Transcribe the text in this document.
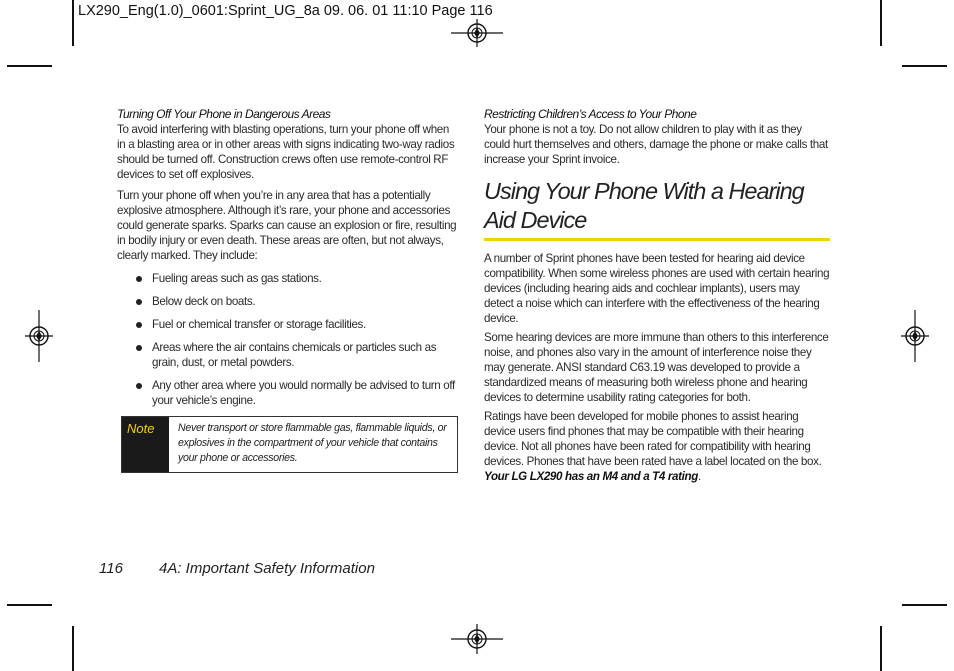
LX290_Eng(1.0)_0601:Sprint_UG_8a 09. 06. 01 11:10 Page 116

Turning Off Your Phone in Dangerous Areas

To avoid interfering with blasting operations, turn your phone off when in a blasting area or in other areas with signs indicating two-way radios should be turned off. Construction crews often use remote-control RF devices to set off explosives.

Turn your phone off when you’re in any area that has a potentially explosive atmosphere. Although it’s rare, your phone and accessories could generate sparks. Sparks can cause an explosion or fire, resulting in bodily injury or even death. These areas are often, but not always, clearly marked. They include:

Fueling areas such as gas stations.
Below deck on boats.
Fuel or chemical transfer or storage facilities.
Areas where the air contains chemicals or particles such as grain, dust, or metal powders.
Any other area where you would normally be advised to turn off your vehicle’s engine.
Note	Never transport or store flammable gas, flammable liquids, or explosives in the compartment of your vehicle that contains your phone or accessories.

Restricting Children’s Access to Your Phone

Your phone is not a toy. Do not allow children to play with it as they could hurt themselves and others, damage the phone or make calls that increase your Sprint invoice.

Using Your Phone With a Hearing Aid Device

A number of Sprint phones have been tested for hearing aid device compatibility. When some wireless phones are used with certain hearing devices (including hearing aids and cochlear implants), users may detect a noise which can interfere with the effectiveness of the hearing device.

Some hearing devices are more immune than others to this interference noise, and phones also vary in the amount of interference noise they may generate. ANSI standard C63.19 was developed to provide a standardized means of measuring both wireless phone and hearing devices to determine usability rating categories for both.

Ratings have been developed for mobile phones to assist hearing device users find phones that may be compatible with their hearing device. Not all phones have been rated for compatibility with hearing devices. Phones that have been rated have a label located on the box. Your LG LX290 has an M4 and a T4 rating.

116 4A: Important Safety Information
